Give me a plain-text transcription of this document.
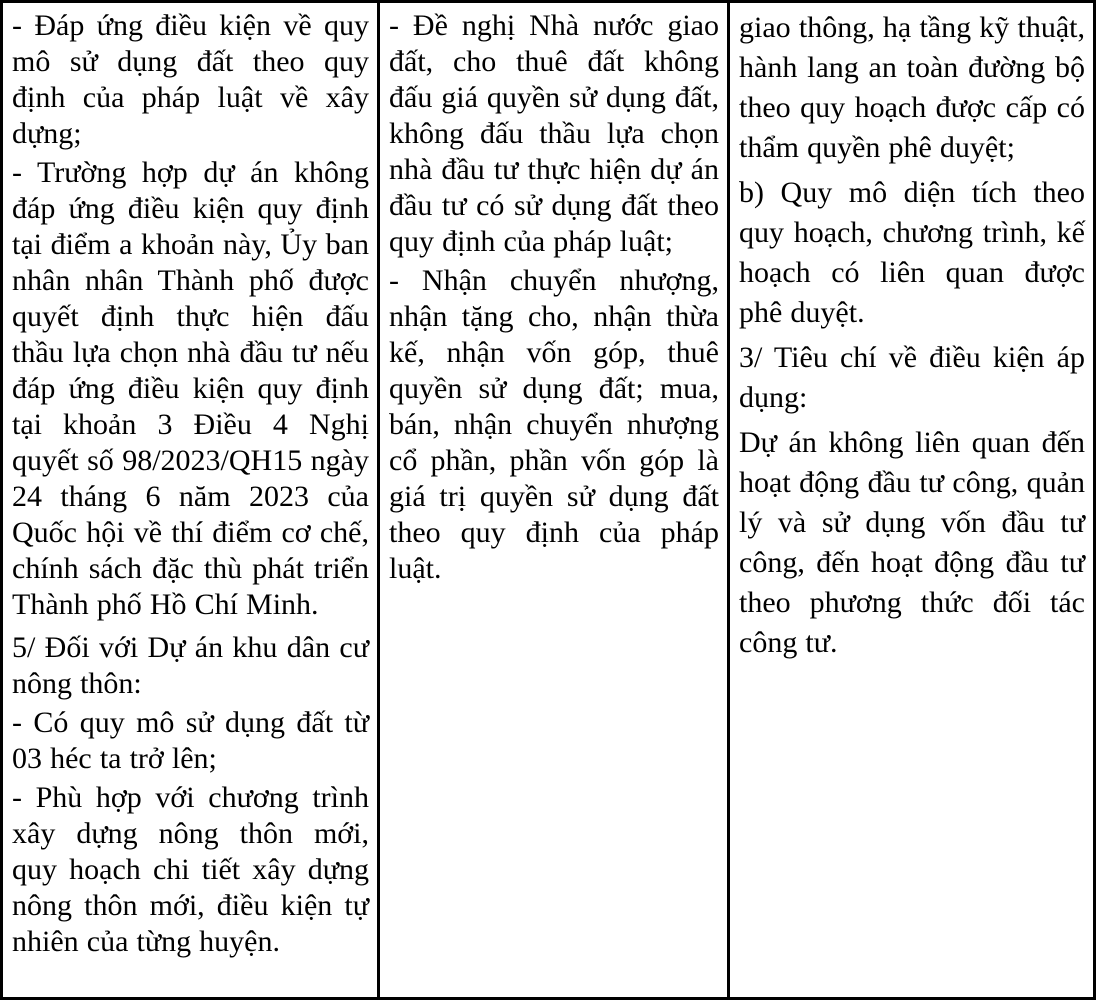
- Đáp ứng điều kiện về quy mô sử dụng đất theo quy định của pháp luật về xây dựng;

- Trường hợp dự án không đáp ứng điều kiện quy định tại điểm a khoản này, Ủy ban nhân nhân Thành phố được quyết định thực hiện đấu thầu lựa chọn nhà đầu tư nếu đáp ứng điều kiện quy định tại khoản 3 Điều 4 Nghị quyết số 98/2023/QH15 ngày 24 tháng 6 năm 2023 của Quốc hội về thí điểm cơ chế, chính sách đặc thù phát triển Thành phố Hồ Chí Minh.

5/ Đối với Dự án khu dân cư nông thôn:

- Có quy mô sử dụng đất từ 03 héc ta trở lên;

- Phù hợp với chương trình xây dựng nông thôn mới, quy hoạch chi tiết xây dựng nông thôn mới, điều kiện tự nhiên của từng huyện.

- Đề nghị Nhà nước giao đất, cho thuê đất không đấu giá quyền sử dụng đất, không đấu thầu lựa chọn nhà đầu tư thực hiện dự án đầu tư có sử dụng đất theo quy định của pháp luật;

- Nhận chuyển nhượng, nhận tặng cho, nhận thừa kế, nhận vốn góp, thuê quyền sử dụng đất; mua, bán, nhận chuyển nhượng cổ phần, phần vốn góp là giá trị quyền sử dụng đất theo quy định của pháp luật.

giao thông, hạ tầng kỹ thuật, hành lang an toàn đường bộ theo quy hoạch được cấp có thẩm quyền phê duyệt;

b) Quy mô diện tích theo quy hoạch, chương trình, kế hoạch có liên quan được phê duyệt.

3/ Tiêu chí về điều kiện áp dụng:

Dự án không liên quan đến hoạt động đầu tư công, quản lý và sử dụng vốn đầu tư công, đến hoạt động đầu tư theo phương thức đối tác công tư.
